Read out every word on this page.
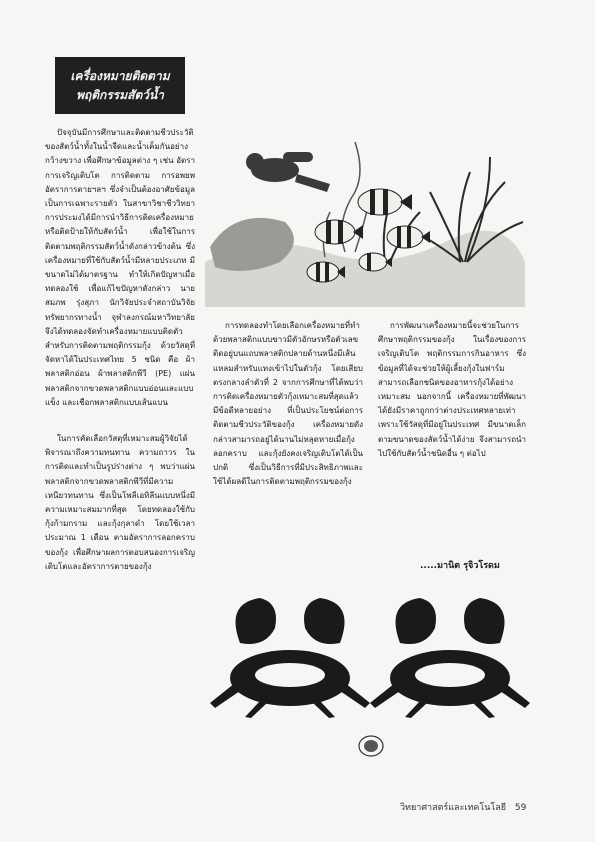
เครื่องหมายติดตาม
พฤติกรรมสัตว์น้ำ

ปัจจุบันมีการศึกษาและติดตามชีวประวัติของสัตว์น้ำทั้งในน้ำจืดและน้ำเค็มกันอย่างกว้างขวาง เพื่อศึกษาข้อมูลต่าง ๆ เช่น อัตราการเจริญเติบโต การติดตาม การอพยพ อัตราการตายฯลฯ ซึ่งจำเป็นต้องอาศัยข้อมูลเป็นการเฉพาะรายตัว ในสาขาวิชาชีววิทยาการประมงได้มีการนำวิธีการติดเครื่องหมายหรือติดป้ายให้กับสัตว์น้ำ เพื่อใช้ในการติดตามพฤติกรรมสัตว์น้ำดังกล่าวข้างต้น ซึ่งเครื่องหมายที่ใช้กับสัตว์น้ำมีหลายประเภท มีขนาดไม่ได้มาตรฐาน ทำให้เกิดปัญหาเมื่อทดลองใช้ เพื่อแก้ไขปัญหาดังกล่าว นายสมภพ รุ่งสุภา นักวิจัยประจำสถาบันวิจัยทรัพยากรทางน้ำ จุฬาลงกรณ์มหาวิทยาลัย จึงได้ทดลองจัดทำเครื่องหมายแบบติดตัวสำหรับการติดตามพฤติกรรมกุ้ง ด้วยวัสดุที่จัดหาได้ในประเทศไทย 5 ชนิด คือ ผ้าพลาสติกอ่อน ผ้าพลาสติกพีวี (PE) แผ่นพลาสติกจากขวดพลาสติกแบบอ่อนและแบบแข็ง และเชือกพลาสติกแบบเส้นแบน

ในการคัดเลือกวัสดุที่เหมาะสมผู้วิจัยได้พิจารณาถึงความทนทาน ความถาวร ในการติดและทำเป็นรูปร่างต่าง ๆ พบว่าแผ่นพลาสติกจากขวดพลาสติกพีวีที่มีความเหนียวทนทาน ซึ่งเป็นโพลีเอทิลีนแบบหนึ่งมีความเหมาะสมมากที่สุด โดยทดลองใช้กับกุ้งก้ามกราม และกุ้งกุลาดำ โดยใช้เวลาประมาณ 1 เดือน ตามอัตราการลอกคราบของกุ้ง เพื่อศึกษาผลการตอบสนองการเจริญเติบโตและอัตราการตายของกุ้ง

การทดลองทำโดยเลือกเครื่องหมายที่ทำด้วยพลาสติกแบบขาวมีตัวอักษรหรือตัวเลขติดอยู่บนแถบพลาสติกปลายด้านหนึ่งมีเส้นแหลมสำหรับแทงเข้าไปในตัวกุ้ง โดยเสียบตรงกลางลำตัวที่ 2 จากการศึกษาที่ได้พบว่า การติดเครื่องหมายตัวกุ้งเหมาะสมที่สุดแล้วมีข้อดีหลายอย่าง ที่เป็นประโยชน์ต่อการติดตามชีวประวัติของกุ้ง เครื่องหมายดังกล่าวสามารถอยู่ได้นานไม่หลุดหายเมื่อกุ้งลอกคราบ และกุ้งยังคงเจริญเติบโตได้เป็นปกติ ซึ่งเป็นวิธีการที่มีประสิทธิภาพและใช้ได้ผลดีในการติดตามพฤติกรรมของกุ้ง

การพัฒนาเครื่องหมายนี้จะช่วยในการศึกษาพฤติกรรมของกุ้ง ในเรื่องของการเจริญเติบโต พฤติกรรมการกินอาหาร ซึ่งข้อมูลที่ได้จะช่วยให้ผู้เลี้ยงกุ้งในฟาร์มสามารถเลือกชนิดของอาหารกุ้งได้อย่างเหมาะสม นอกจากนี้ เครื่องหมายที่พัฒนาได้ยังมีราคาถูกกว่าต่างประเทศหลายเท่า เพราะใช้วัสดุที่มีอยู่ในประเทศ มีขนาดเล็กตามขนาดของสัตว์น้ำได้ง่าย จึงสามารถนำไปใช้กับสัตว์น้ำชนิดอื่น ๆ ต่อไป

.....มานิต รุจิวโรดม
วิทยาศาสตร์และเทคโนโลยี 59
